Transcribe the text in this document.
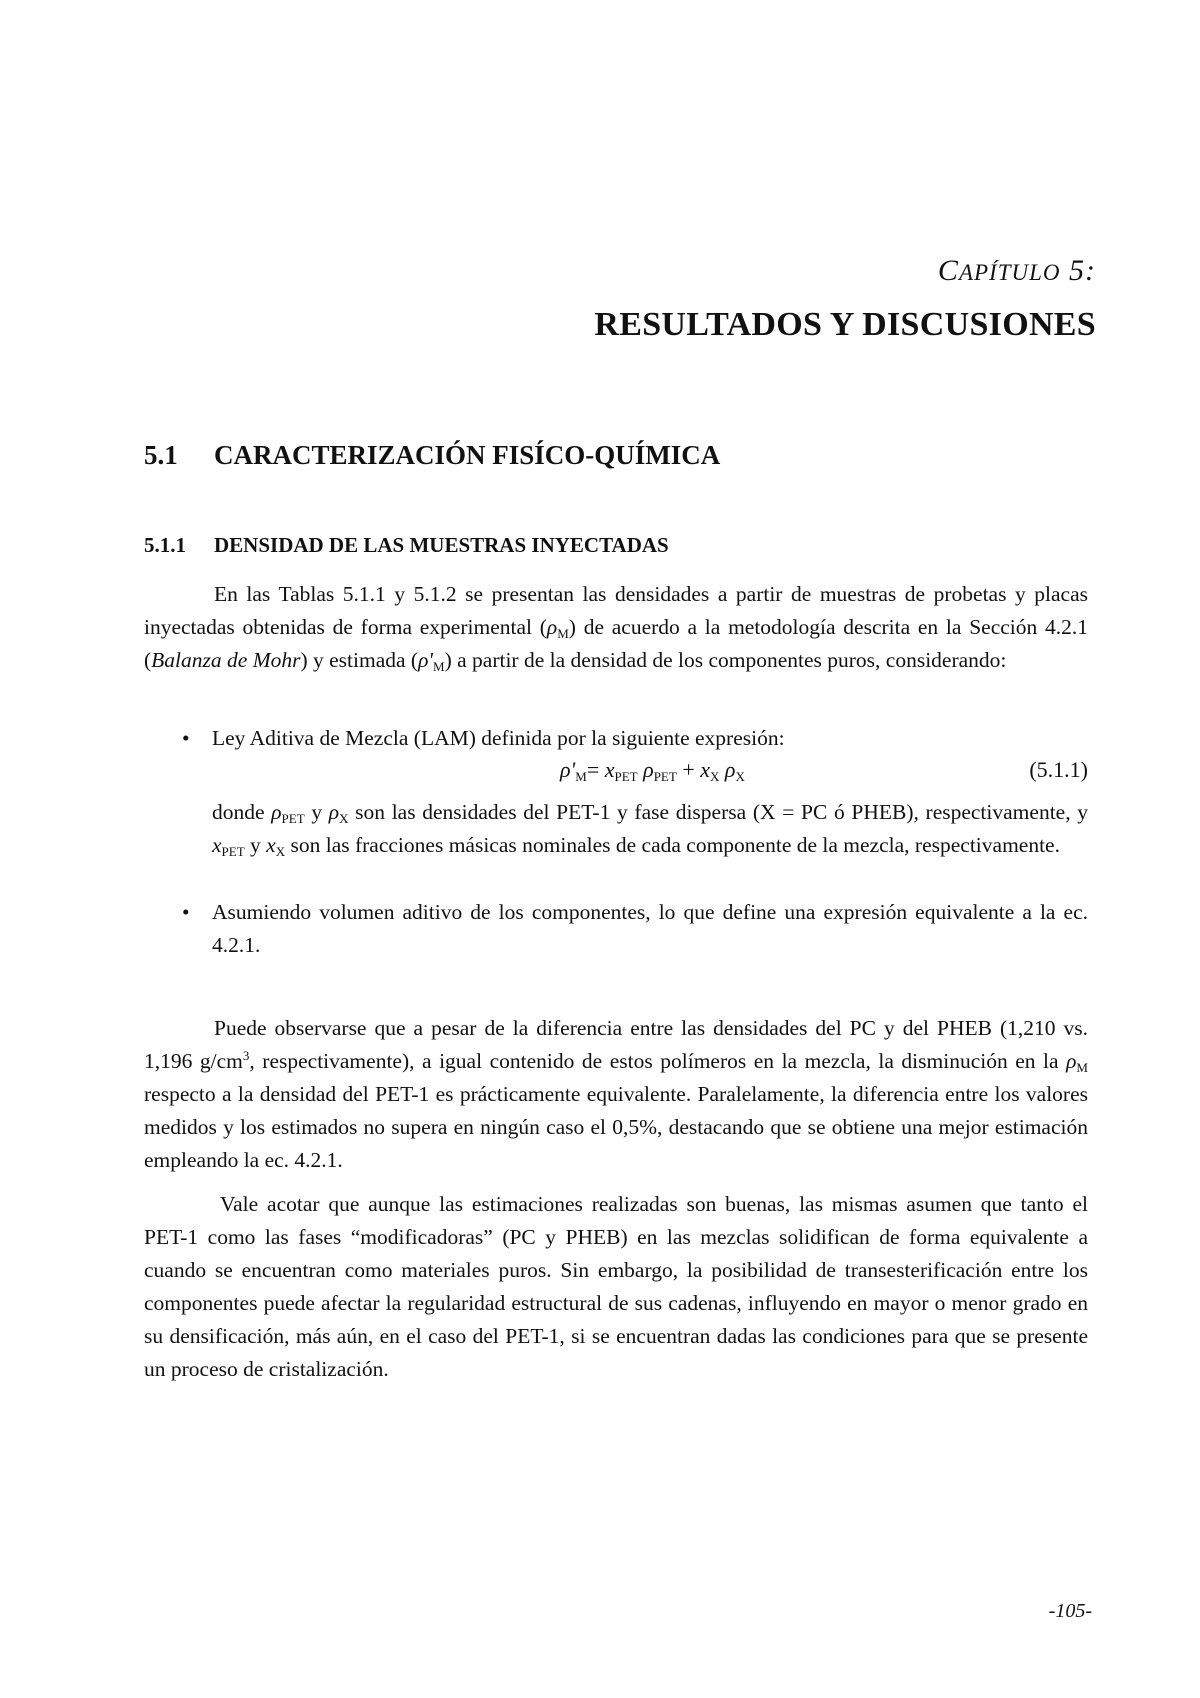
CAPÍTULO 5:
RESULTADOS Y DISCUSIONES
5.1 CARACTERIZACIÓN FISÍCO-QUÍMICA
5.1.1 DENSIDAD DE LAS MUESTRAS INYECTADAS
En las Tablas 5.1.1 y 5.1.2 se presentan las densidades a partir de muestras de probetas y placas inyectadas obtenidas de forma experimental $(\rho_M)$ de acuerdo a la metodología descrita en la Sección 4.2.1 (Balanza de Mohr) y estimada $(\rho'_M)$ a partir de la densidad de los componentes puros, considerando:
• Ley Aditiva de Mezcla (LAM) definida por la siguiente expresión:
$\rho'_M= x_{PET}$ $\rho_{PET} + x_X$ $\rho_X$	(5.1.1)
donde $\rho_{PET}$ y $\rho_X$ son las densidades del PET-1 y fase dispersa (X = PC ó PHEB), respectivamente, y $x_{PET}$ y $x_X$ son las fracciones másicas nominales de cada componente de la mezcla, respectivamente.
• Asumiendo volumen aditivo de los componentes, lo que define una expresión equivalente a la ec. 4.2.1.
Puede observarse que a pesar de la diferencia entre las densidades del PC y del PHEB (1,210 vs. 1,196 $g/cm^3$, respectivamente), a igual contenido de estos polímeros en la mezcla, la disminución en la $\rho_M$ respecto a la densidad del PET-1 es prácticamente equivalente. Paralelamente, la diferencia entre los valores medidos y los estimados no supera en ningún caso el 0,5%, destacando que se obtiene una mejor estimación empleando la ec. 4.2.1.
Vale acotar que aunque las estimaciones realizadas son buenas, las mismas asumen que tanto el PET-1 como las fases “modificadoras” (PC y PHEB) en las mezclas solidifican de forma equivalente a cuando se encuentran como materiales puros. Sin embargo, la posibilidad de transesterificación entre los componentes puede afectar la regularidad estructural de sus cadenas, influyendo en mayor o menor grado en su densificación, más aún, en el caso del PET-1, si se encuentran dadas las condiciones para que se presente un proceso de cristalización.
-105-
